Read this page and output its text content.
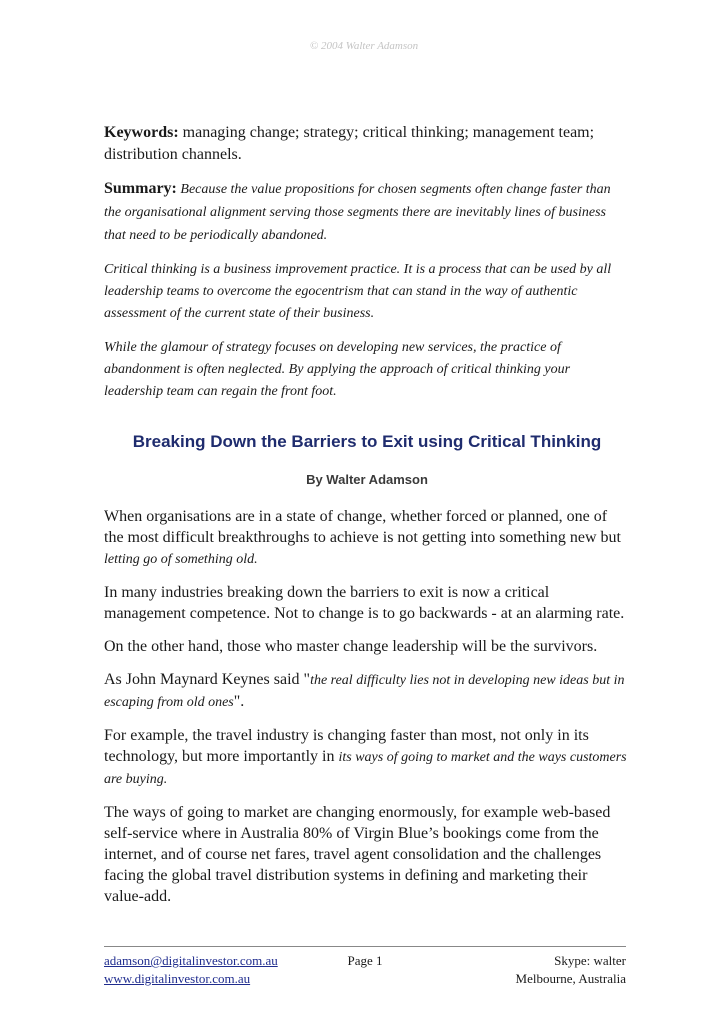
© 2004 Walter Adamson

Keywords: managing change; strategy; critical thinking; management team; distribution channels.

Summary: Because the value propositions for chosen segments often change faster than the organisational alignment serving those segments there are inevitably lines of business that need to be periodically abandoned.

Critical thinking is a business improvement practice. It is a process that can be used by all leadership teams to overcome the egocentrism that can stand in the way of authentic assessment of the current state of their business.

While the glamour of strategy focuses on developing new services, the practice of abandonment is often neglected. By applying the approach of critical thinking your leadership team can regain the front foot.

Breaking Down the Barriers to Exit using Critical Thinking
By Walter Adamson

When organisations are in a state of change, whether forced or planned, one of the most difficult breakthroughs to achieve is not getting into something new but letting go of something old.

In many industries breaking down the barriers to exit is now a critical management competence. Not to change is to go backwards - at an alarming rate.

On the other hand, those who master change leadership will be the survivors.

As John Maynard Keynes said "the real difficulty lies not in developing new ideas but in escaping from old ones".

For example, the travel industry is changing faster than most, not only in its technology, but more importantly in its ways of going to market and the ways customers are buying.

The ways of going to market are changing enormously, for example web-based self-service where in Australia 80% of Virgin Blue’s bookings come from the internet, and of course net fares, travel agent consolidation and the challenges facing the global travel distribution systems in defining and marketing their value-add.

adamson@digitalinvestor.com.au	Page 1	Skype: walter
www.digitalinvestor.com.au	Melbourne, Australia
